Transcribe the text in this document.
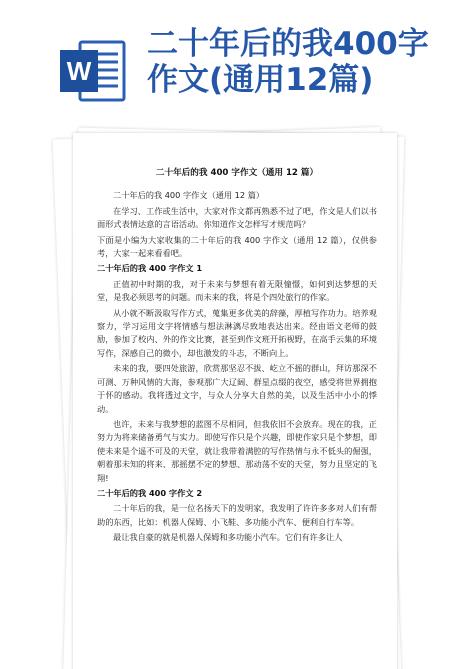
W
二十年后的我400字作文(通用12篇)
二十年后的我 400 字作文（通用 12 篇）
二十年后的我 400 字作文（通用 12 篇）
在学习、工作或生活中，大家对作文都再熟悉不过了吧，作文是人们以书面形式表情达意的言语活动。你知道作文怎样写才规范吗？
下面是小编为大家收集的二十年后的我 400 字作文（通用 12 篇），仅供参考，大家一起来看看吧。
二十年后的我 400 字作文 1
正值初中时期的我，对于未来与梦想有着无限憧憬，如何到达梦想的天堂，是我必须思考的问题。而未来的我，将是个四处旅行的作家。
从小就不断汲取写作方式，蒐集更多优美的辞藻，厚植写作功力。培养观察力，学习运用文字将情感与想法淋漓尽致地表达出来。经由语文老师的鼓励，参加了校内、外的作文比赛，甚至到作文班开拓视野，在高手云集的环境写作，深感自己的微小，却也激发的斗志，不断向上。
未来的我，要四处旅游，欣赏那坚忍不拔、屹立不摇的群山，拜访那深不可测、万种风情的大海，参观那广大辽阔、群星点缀的夜空，感受将世界拥抱于怀的感动。我将透过文字，与众人分享大自然的美，以及生活中小小的悸动。
也许，未来与我梦想的蓝图不尽相同，但我依旧不会放弃。现在的我，正努力为将来储备勇气与实力。即使写作只是个兴趣，即使作家只是个梦想，即使未来是个遥不可及的天堂，就让我带着满腔的写作热情与永不低头的倔强，朝着那未知的将来、那摇摆不定的梦想、那动荡不安的天堂，努力且坚定的飞翔!
二十年后的我 400 字作文 2
二十年后的我，是一位名扬天下的发明家，我发明了许许多多对人们有帮助的东西，比如：机器人保姆、小飞鞋、多功能小汽车、便利自行车等。
最让我自豪的就是机器人保姆和多功能小汽车。它们有许多让人
